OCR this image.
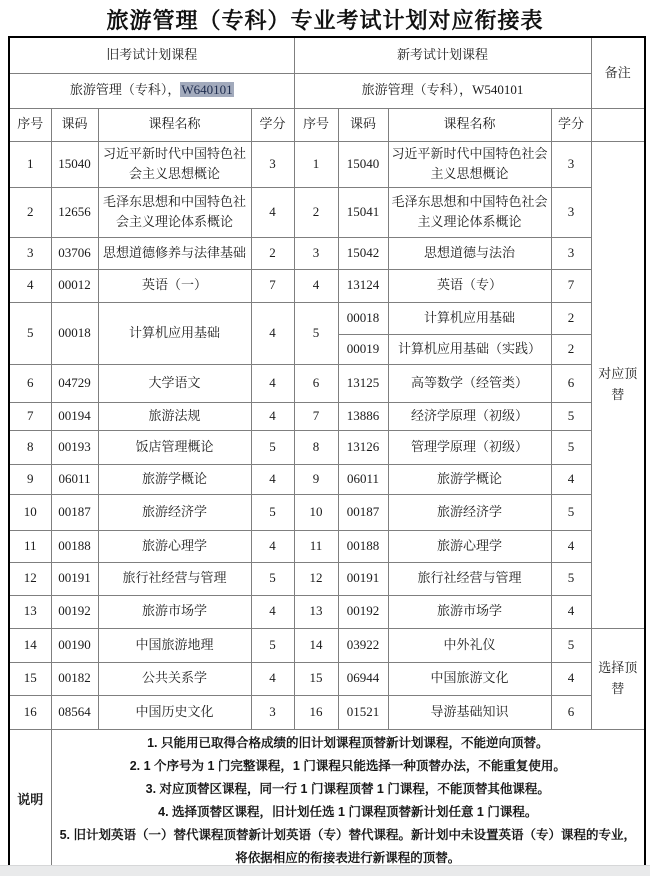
旅游管理（专科）专业考试计划对应衔接表
旧考试计划课程				新考试计划课程				备注
旅游管理（专科），W640101				旅游管理（专科），W540101				
序号	课码	课程名称	学分	序号	课码	课程名称	学分	
1	15040	习近平新时代中国特色社会主义思想概论	3	1	15040	习近平新时代中国特色社会主义思想概论	3	对应顶替
2	12656	毛泽东思想和中国特色社会主义理论体系概论	4	2	15041	毛泽东思想和中国特色社会主义理论体系概论	3	
3	03706	思想道德修养与法律基础	2	3	15042	思想道德与法治	3	
4	00012	英语（一）	7	4	13124	英语（专）	7	
5	00018	计算机应用基础	4	5	00018	计算机应用基础	2	
					00019	计算机应用基础（实践）	2	
6	04729	大学语文	4	6	13125	高等数学（经管类）	6	
7	00194	旅游法规	4	7	13886	经济学原理（初级）	5	
8	00193	饭店管理概论	5	8	13126	管理学原理（初级）	5	
9	06011	旅游学概论	4	9	06011	旅游学概论	4	
10	00187	旅游经济学	5	10	00187	旅游经济学	5	
11	00188	旅游心理学	4	11	00188	旅游心理学	4	
12	00191	旅行社经营与管理	5	12	00191	旅行社经营与管理	5	
13	00192	旅游市场学	4	13	00192	旅游市场学	4	
14	00190	中国旅游地理	5	14	03922	中外礼仪	5	选择顶替
15	00182	公共关系学	4	15	06944	中国旅游文化	4	
16	08564	中国历史文化	3	16	01521	导游基础知识	6	
说明	1. 只能用已取得合格成绩的旧计划课程顶替新计划课程，不能逆向顶替。
2. 1 个序号为 1 门完整课程，1 门课程只能选择一种顶替办法，不能重复使用。
3. 对应顶替区课程，同一行 1 门课程顶替 1 门课程，不能顶替其他课程。
4. 选择顶替区课程，旧计划任选 1 门课程顶替新计划任意 1 门课程。
5. 旧计划英语（一）替代课程顶替新计划英语（专）替代课程。新计划中未设置英语（专）课程的专业，将依据相应的衔接表进行新课程的顶替。							
